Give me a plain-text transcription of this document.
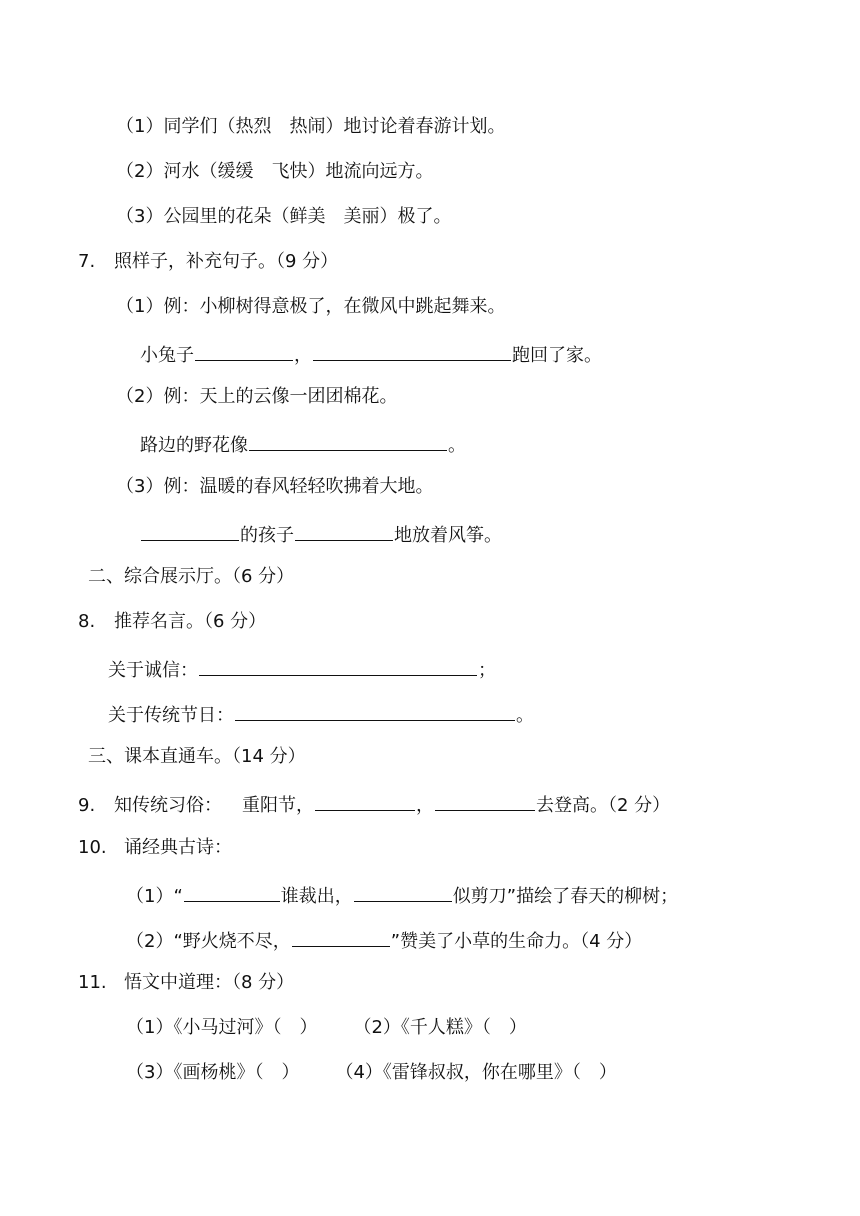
（1）同学们（热烈　热闹）地讨论着春游计划。
（2）河水（缓缓　飞快）地流向远方。
（3）公园里的花朵（鲜美　美丽）极了。
7. 照样子，补充句子。（9 分）
（1）例：小柳树得意极了，在微风中跳起舞来。
小兔子	，	跑回了家。
（2）例：天上的云像一团团棉花。
路边的野花像	。
（3）例：温暖的春风轻轻吹拂着大地。
的孩子	地放着风筝。
二、综合展示厅。（6 分）
8. 推荐名言。（6 分）
关于诚信：	；
关于传统节日：	。
三、课本直通车。（14 分）
9. 知传统习俗： 重阳节，	，	去登高。（2 分）
10. 诵经典古诗：
（1）“	谁裁出，	似剪刀”描绘了春天的柳树；
（2）“野火烧不尽，	”赞美了小草的生命力。（4 分）
11. 悟文中道理：（8 分）
（1）《小马过河》（　） （2）《千人糕》（　）
（3）《画杨桃》（　） （4）《雷锋叔叔，你在哪里》（　）
